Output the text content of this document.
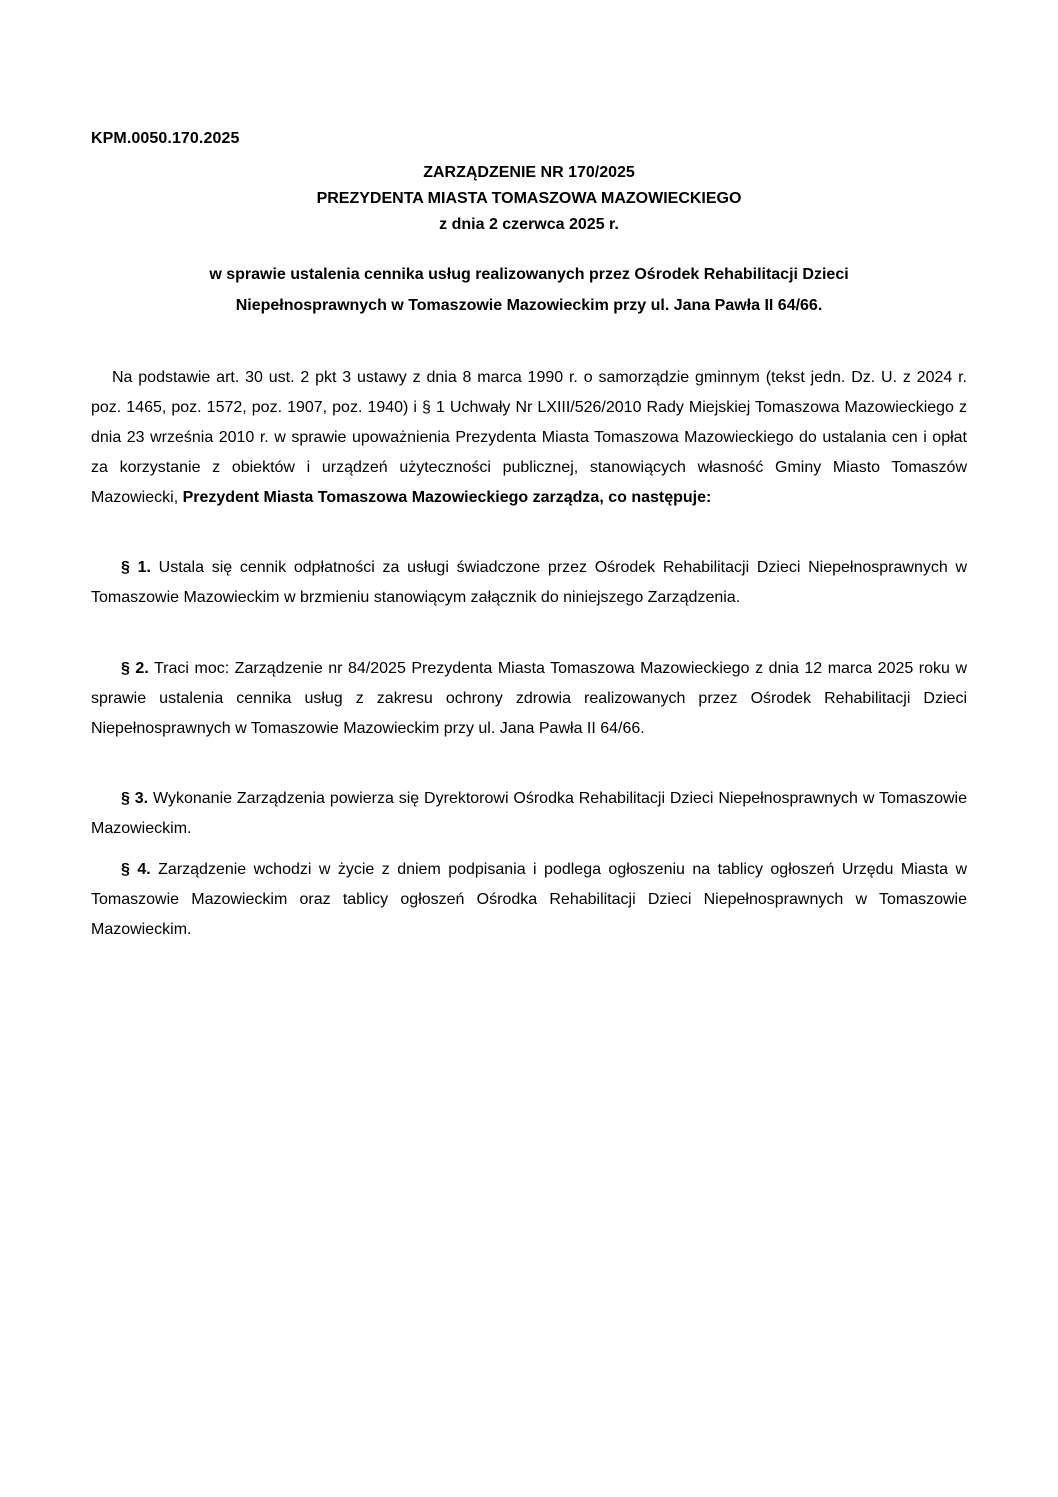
KPM.0050.170.2025
ZARZĄDZENIE NR 170/2025
PREZYDENTA MIASTA TOMASZOWA MAZOWIECKIEGO
z dnia 2 czerwca 2025 r.
w sprawie ustalenia cennika usług realizowanych przez Ośrodek Rehabilitacji Dzieci
Niepełnosprawnych w Tomaszowie Mazowieckim przy ul. Jana Pawła II 64/66.
Na podstawie art. 30 ust. 2 pkt 3 ustawy z dnia 8 marca 1990 r. o samorządzie gminnym (tekst jedn. Dz. U. z 2024 r. poz. 1465, poz. 1572, poz. 1907, poz. 1940) i § 1 Uchwały Nr LXIII/526/2010 Rady Miejskiej Tomaszowa Mazowieckiego z dnia 23 września 2010 r. w sprawie upoważnienia Prezydenta Miasta Tomaszowa Mazowieckiego do ustalania cen i opłat za korzystanie z obiektów i urządzeń użyteczności publicznej, stanowiących własność Gminy Miasto Tomaszów Mazowiecki, Prezydent Miasta Tomaszowa Mazowieckiego zarządza, co następuje:
§ 1. Ustala się cennik odpłatności za usługi świadczone przez Ośrodek Rehabilitacji Dzieci Niepełnosprawnych w Tomaszowie Mazowieckim w brzmieniu stanowiącym załącznik do niniejszego Zarządzenia.
§ 2. Traci moc: Zarządzenie nr 84/2025 Prezydenta Miasta Tomaszowa Mazowieckiego z dnia 12 marca 2025 roku w sprawie ustalenia cennika usług z zakresu ochrony zdrowia realizowanych przez Ośrodek Rehabilitacji Dzieci Niepełnosprawnych w Tomaszowie Mazowieckim przy ul. Jana Pawła II 64/66.
§ 3. Wykonanie Zarządzenia powierza się Dyrektorowi Ośrodka Rehabilitacji Dzieci Niepełnosprawnych w Tomaszowie Mazowieckim.
§ 4. Zarządzenie wchodzi w życie z dniem podpisania i podlega ogłoszeniu na tablicy ogłoszeń Urzędu Miasta w Tomaszowie Mazowieckim oraz tablicy ogłoszeń Ośrodka Rehabilitacji Dzieci Niepełnosprawnych w Tomaszowie Mazowieckim.
